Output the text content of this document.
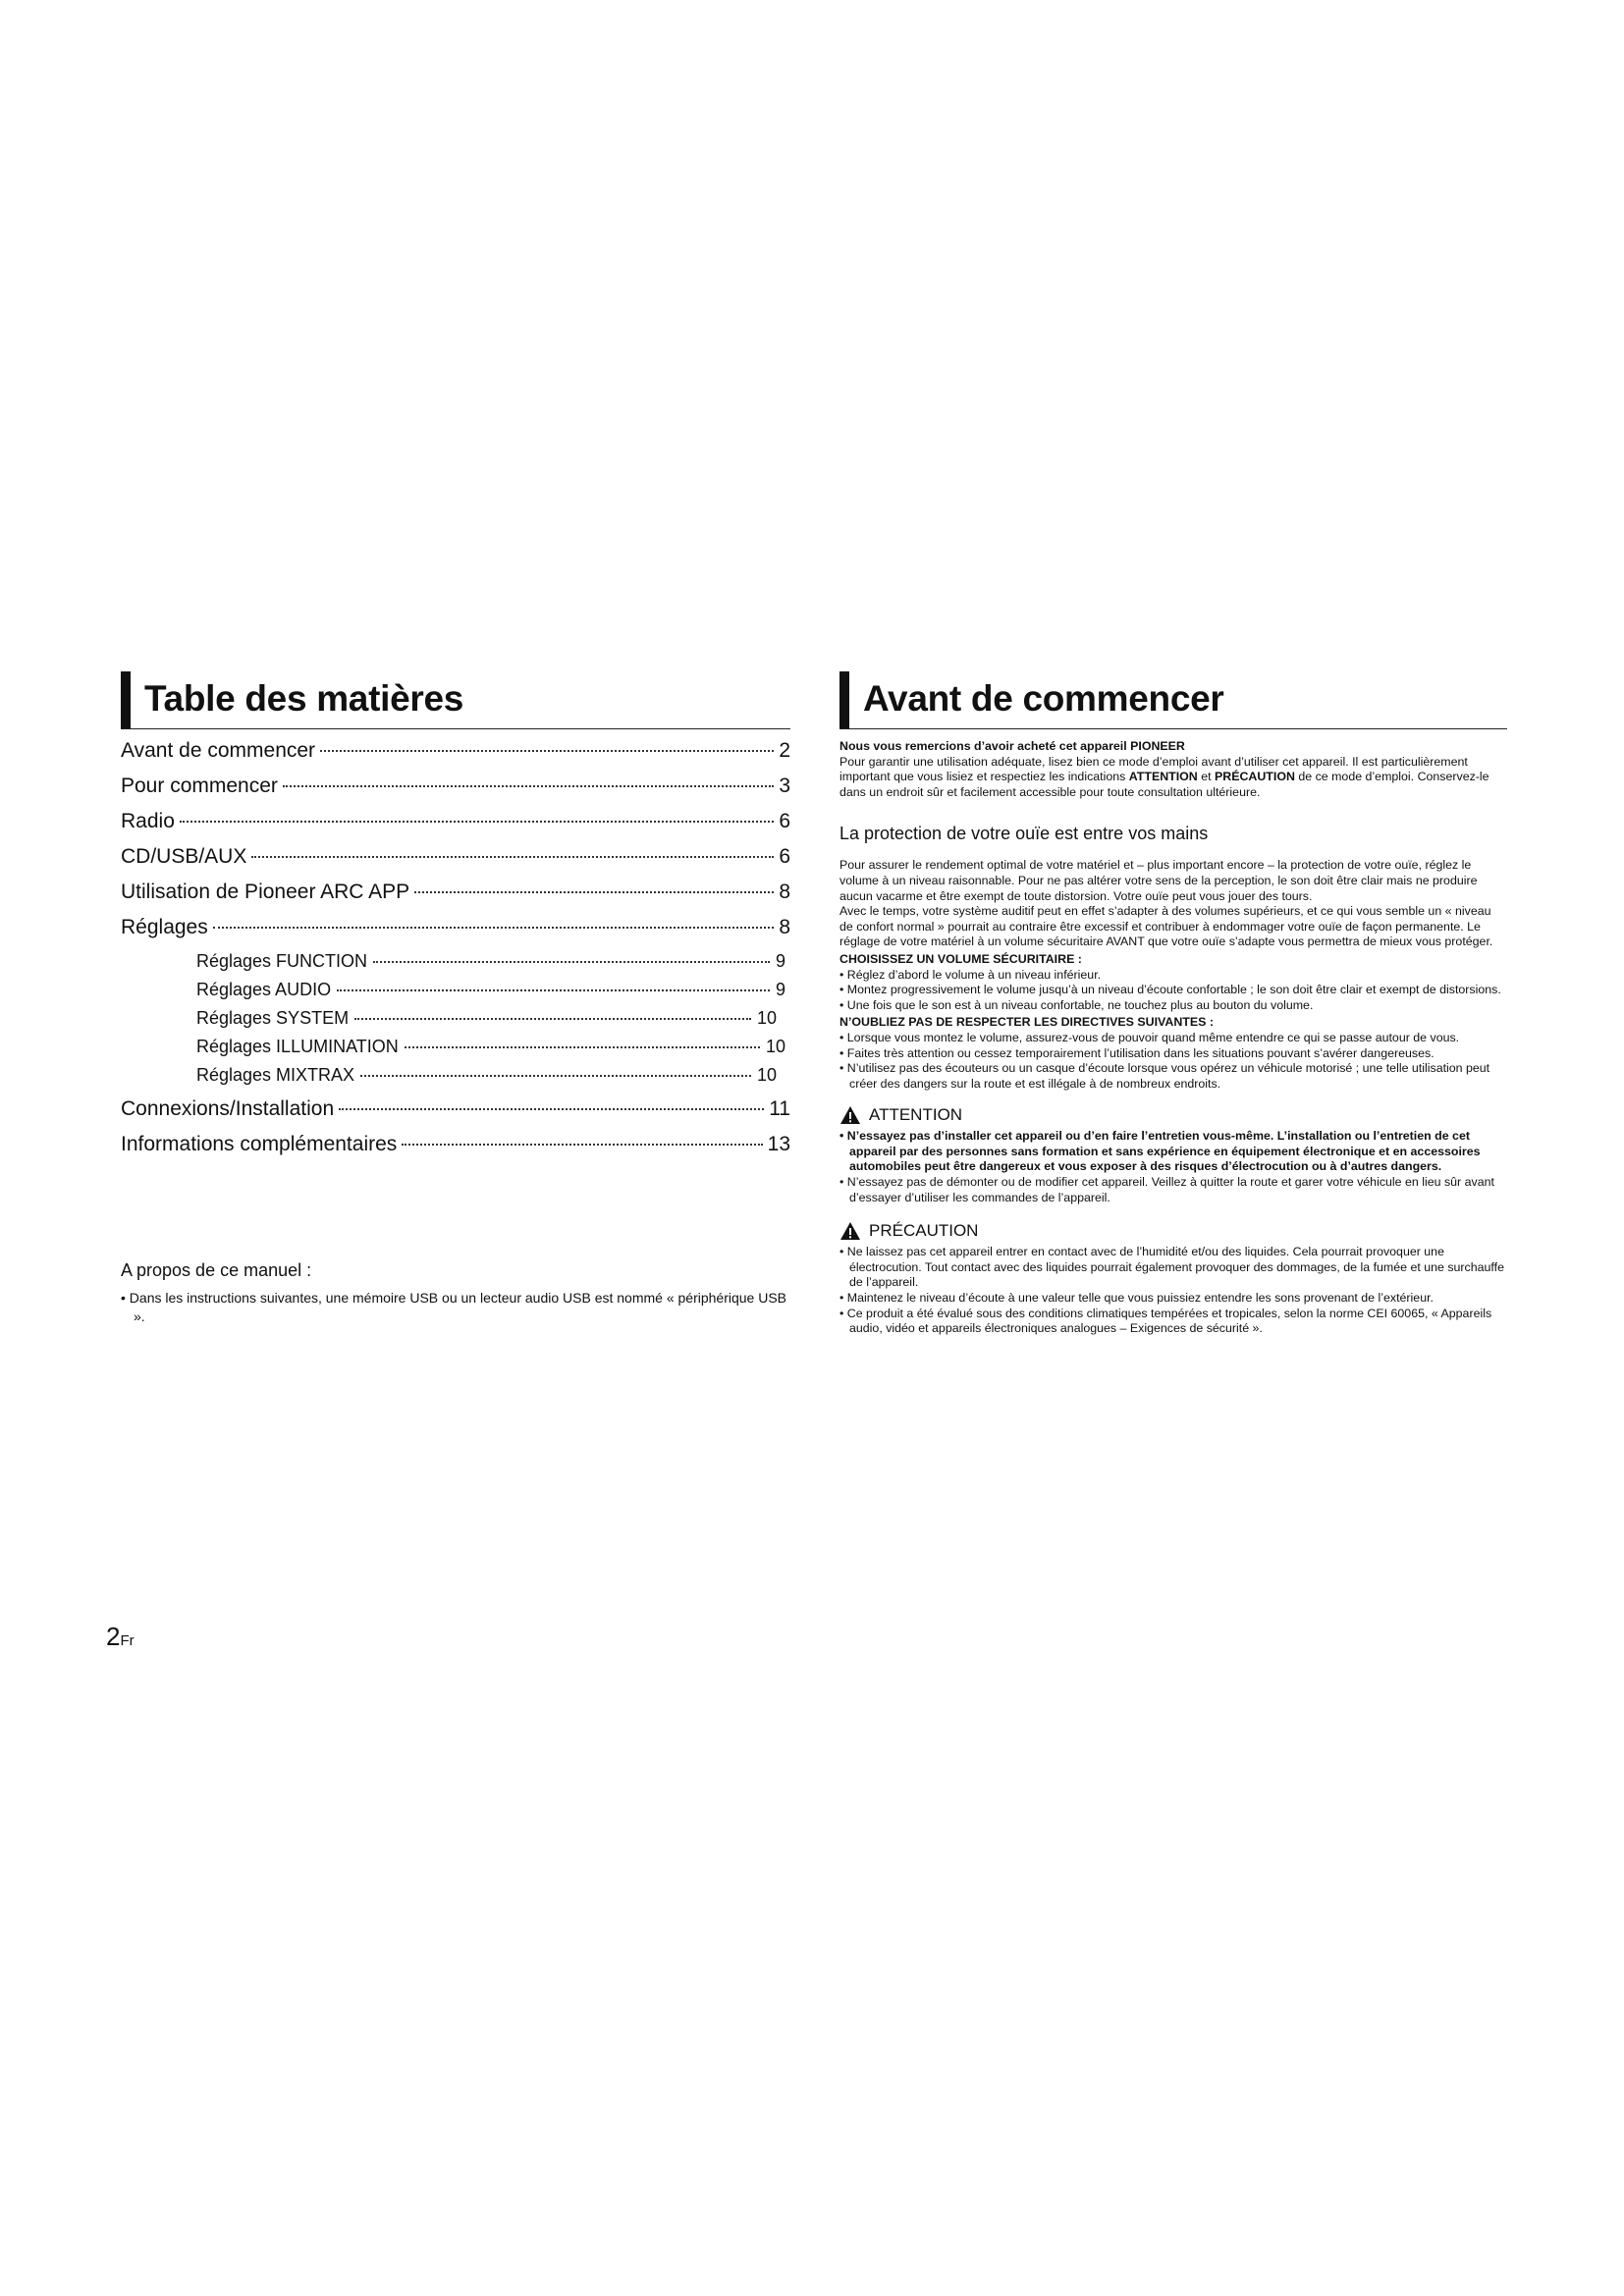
Table des matières
Avant de commencer	2
Pour commencer	3
Radio	6
CD/USB/AUX	6
Utilisation de Pioneer ARC APP	8
Réglages	8
Réglages FUNCTION	9
Réglages AUDIO	9
Réglages SYSTEM	10
Réglages ILLUMINATION	10
Réglages MIXTRAX	10
Connexions/Installation	11
Informations complémentaires	13
A propos de ce manuel :
• Dans les instructions suivantes, une mémoire USB ou un lecteur audio USB est nommé « périphérique USB ».
Avant de commencer

Nous vous remercions d’avoir acheté cet appareil PIONEER

Pour garantir une utilisation adéquate, lisez bien ce mode d’emploi avant d’utiliser cet appareil. Il est particulièrement important que vous lisiez et respectiez les indications ATTENTION et PRÉCAUTION de ce mode d’emploi. Conservez-le dans un endroit sûr et facilement accessible pour toute consultation ultérieure.

La protection de votre ouïe est entre vos mains

Pour assurer le rendement optimal de votre matériel et – plus important encore – la protection de votre ouïe, réglez le volume à un niveau raisonnable. Pour ne pas altérer votre sens de la perception, le son doit être clair mais ne produire aucun vacarme et être exempt de toute distorsion. Votre ouïe peut vous jouer des tours.

Avec le temps, votre système auditif peut en effet s’adapter à des volumes supérieurs, et ce qui vous semble un « niveau de confort normal » pourrait au contraire être excessif et contribuer à endommager votre ouïe de façon permanente. Le réglage de votre matériel à un volume sécuritaire AVANT que votre ouïe s’adapte vous permettra de mieux vous protéger.

CHOISISSEZ UN VOLUME SÉCURITAIRE :

• Réglez d’abord le volume à un niveau inférieur.

• Montez progressivement le volume jusqu’à un niveau d’écoute confortable ; le son doit être clair et exempt de distorsions.

• Une fois que le son est à un niveau confortable, ne touchez plus au bouton du volume.

N’OUBLIEZ PAS DE RESPECTER LES DIRECTIVES SUIVANTES :

• Lorsque vous montez le volume, assurez-vous de pouvoir quand même entendre ce qui se passe autour de vous.

• Faites très attention ou cessez temporairement l’utilisation dans les situations pouvant s’avérer dangereuses.

• N’utilisez pas des écouteurs ou un casque d’écoute lorsque vous opérez un véhicule motorisé ; une telle utilisation peut créer des dangers sur la route et est illégale à de nombreux endroits.

ATTENTION

• N’essayez pas d’installer cet appareil ou d’en faire l’entretien vous-même. L’installation ou l’entretien de cet appareil par des personnes sans formation et sans expérience en équipement électronique et en accessoires automobiles peut être dangereux et vous exposer à des risques d’électrocution ou à d’autres dangers.

• N’essayez pas de démonter ou de modifier cet appareil. Veillez à quitter la route et garer votre véhicule en lieu sûr avant d’essayer d’utiliser les commandes de l’appareil.

PRÉCAUTION

• Ne laissez pas cet appareil entrer en contact avec de l’humidité et/ou des liquides. Cela pourrait provoquer une électrocution. Tout contact avec des liquides pourrait également provoquer des dommages, de la fumée et une surchauffe de l’appareil.

• Maintenez le niveau d’écoute à une valeur telle que vous puissiez entendre les sons provenant de l’extérieur.

• Ce produit a été évalué sous des conditions climatiques tempérées et tropicales, selon la norme CEI 60065, « Appareils audio, vidéo et appareils électroniques analogues – Exigences de sécurité ».

2Fr
